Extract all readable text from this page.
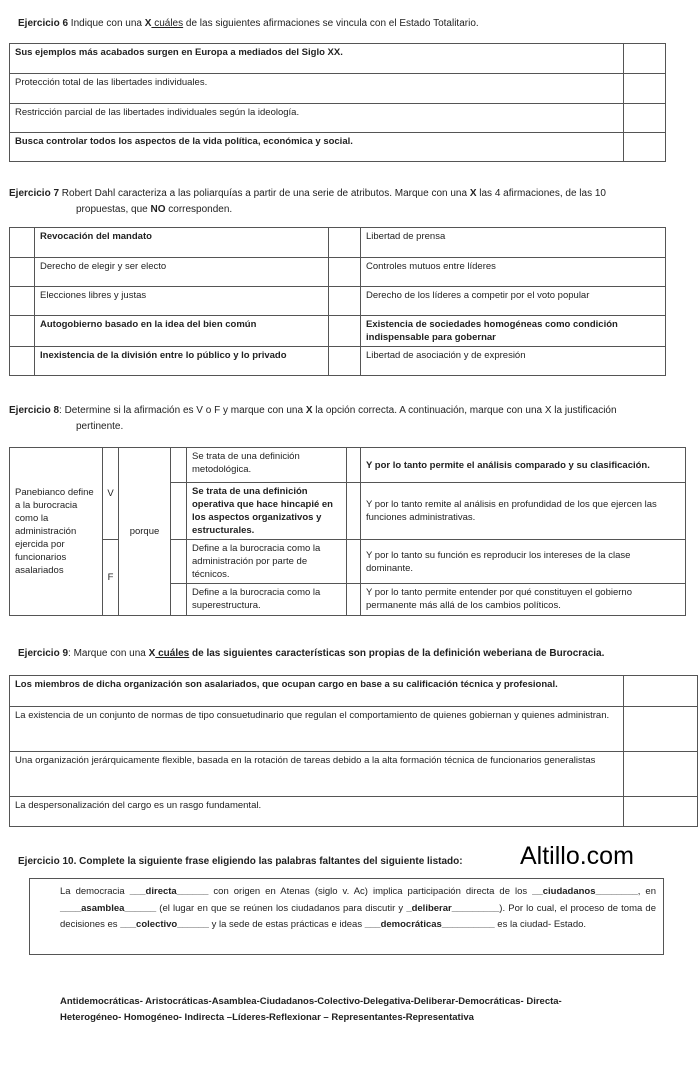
Ejercicio 6 Indique con una X cuáles de las siguientes afirmaciones se vincula con el Estado Totalitario.
Sus ejemplos más acabados surgen en Europa a mediados del Siglo XX.	
Protección total de las libertades individuales.	
Restricción parcial de las libertades individuales según la ideología.	
Busca controlar todos los aspectos de la vida política, económica y social.	
Ejercicio 7 Robert Dahl caracteriza a las poliarquías a partir de una serie de atributos. Marque con una X las 4 afirmaciones, de las 10
propuestas, que NO corresponden.
	Revocación del mandato		Libertad de prensa
	Derecho de elegir y ser electo		Controles mutuos entre líderes
	Elecciones libres y justas		Derecho de los líderes a competir por el voto popular
	Autogobierno basado en la idea del bien común		Existencia de sociedades homogéneas como condición indispensable para gobernar
	Inexistencia de la división entre lo público y lo privado		Libertad de asociación y de expresión
Ejercicio 8: Determine si la afirmación es V o F y marque con una X la opción correcta. A continuación, marque con una X la justificación
pertinente.
Panebianco define a la burocracia como la administración ejercida por funcionarios asalariados	V	porque		Se trata de una definición metodológica.		Y por lo tanto permite el análisis comparado y su clasificación.
				Se trata de una definición operativa que hace hincapié en los aspectos organizativos y estructurales.		Y por lo tanto remite al análisis en profundidad de los que ejercen las funciones administrativas.
	F			Define a la burocracia como la administración por parte de técnicos.		Y por lo tanto su función es reproducir los intereses de la clase dominante.
				Define a la burocracia como la superestructura.		Y por lo tanto permite entender por qué constituyen el gobierno permanente más allá de los cambios políticos.
Ejercicio 9: Marque con una X cuáles de las siguientes características son propias de la definición weberiana de Burocracia.
Los miembros de dicha organización son asalariados, que ocupan cargo en base a su calificación técnica y profesional.	
La existencia de un conjunto de normas de tipo consuetudinario que regulan el comportamiento de quienes gobiernan y quienes administran.	
Una organización jerárquicamente flexible, basada en la rotación de tareas debido a la alta formación técnica de funcionarios generalistas	
La despersonalización del cargo es un rasgo fundamental.	
Ejercicio 10. Complete la siguiente frase eligiendo las palabras faltantes del siguiente listado: Altillo.com
La democracia ___directa______ con origen en Atenas (siglo v. Ac) implica participación directa de los __ciudadanos________, en ____asamblea______ (el lugar en que se reúnen los ciudadanos para discutir y _deliberar_________). Por lo cual, el proceso de toma de decisiones es ___colectivo______ y la sede de estas prácticas e ideas ___democráticas__________ es la ciudad- Estado.
Antidemocráticas- Aristocráticas-Asamblea-Ciudadanos-Colectivo-Delegativa-Deliberar-Democráticas- Directa-
Heterogéneo- Homogéneo- Indirecta –Líderes-Reflexionar – Representantes-Representativa
